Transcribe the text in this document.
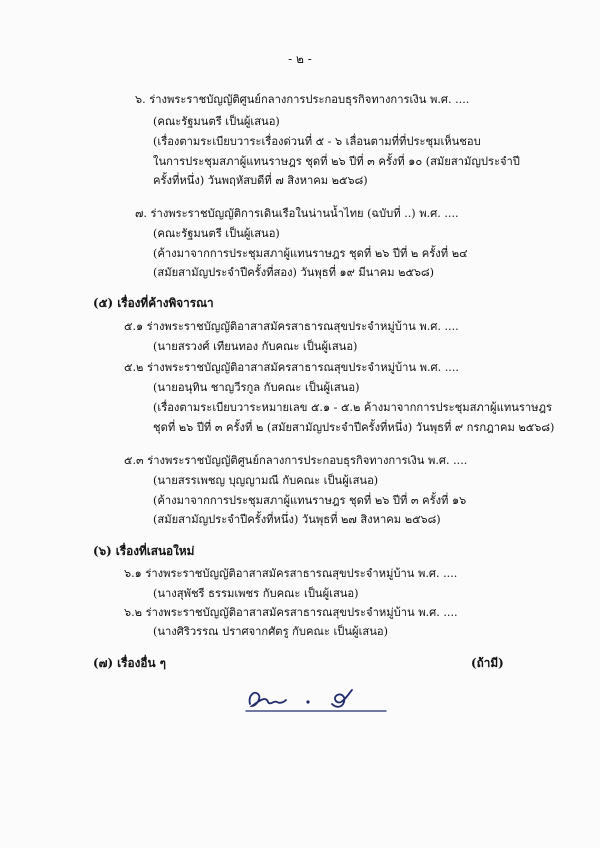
- ๒ -
๖. ร่างพระราชบัญญัติศูนย์กลางการประกอบธุรกิจทางการเงิน พ.ศ. ....
(คณะรัฐมนตรี เป็นผู้เสนอ)
(เรื่องตามระเบียบวาระเรื่องด่วนที่ ๕ - ๖ เลื่อนตามที่ที่ประชุมเห็นชอบ
ในการประชุมสภาผู้แทนราษฎร ชุดที่ ๒๖ ปีที่ ๓ ครั้งที่ ๑๐ (สมัยสามัญประจำปี
ครั้งที่หนึ่ง) วันพฤหัสบดีที่ ๗ สิงหาคม ๒๕๖๘)
๗. ร่างพระราชบัญญัติการเดินเรือในน่านน้ำไทย (ฉบับที่ ..) พ.ศ. ....
(คณะรัฐมนตรี เป็นผู้เสนอ)
(ค้างมาจากการประชุมสภาผู้แทนราษฎร ชุดที่ ๒๖ ปีที่ ๒ ครั้งที่ ๒๔
(สมัยสามัญประจำปีครั้งที่สอง) วันพุธที่ ๑๙ มีนาคม ๒๕๖๘)
(๕) เรื่องที่ค้างพิจารณา
๕.๑ ร่างพระราชบัญญัติอาสาสมัครสาธารณสุขประจำหมู่บ้าน พ.ศ. ....
(นายสรวงศ์ เทียนทอง กับคณะ เป็นผู้เสนอ)
๕.๒ ร่างพระราชบัญญัติอาสาสมัครสาธารณสุขประจำหมู่บ้าน พ.ศ. ....
(นายอนุทิน ชาญวีรกูล กับคณะ เป็นผู้เสนอ)
(เรื่องตามระเบียบวาระหมายเลข ๕.๑ - ๕.๒ ค้างมาจากการประชุมสภาผู้แทนราษฎร
ชุดที่ ๒๖ ปีที่ ๓ ครั้งที่ ๒ (สมัยสามัญประจำปีครั้งที่หนึ่ง) วันพุธที่ ๙ กรกฎาคม ๒๕๖๘)
๕.๓ ร่างพระราชบัญญัติศูนย์กลางการประกอบธุรกิจทางการเงิน พ.ศ. ....
(นายสรรเพชญ บุญญามณี กับคณะ เป็นผู้เสนอ)
(ค้างมาจากการประชุมสภาผู้แทนราษฎร ชุดที่ ๒๖ ปีที่ ๓ ครั้งที่ ๑๖
(สมัยสามัญประจำปีครั้งที่หนึ่ง) วันพุธที่ ๒๗ สิงหาคม ๒๕๖๘)
(๖) เรื่องที่เสนอใหม่
๖.๑ ร่างพระราชบัญญัติอาสาสมัครสาธารณสุขประจำหมู่บ้าน พ.ศ. ....
(นางสุพัชรี ธรรมเพชร กับคณะ เป็นผู้เสนอ)
๖.๒ ร่างพระราชบัญญัติอาสาสมัครสาธารณสุขประจำหมู่บ้าน พ.ศ. ....
(นางศิริวรรณ ปราศจากศัตรู กับคณะ เป็นผู้เสนอ)
(๗) เรื่องอื่น ๆ	(ถ้ามี)
